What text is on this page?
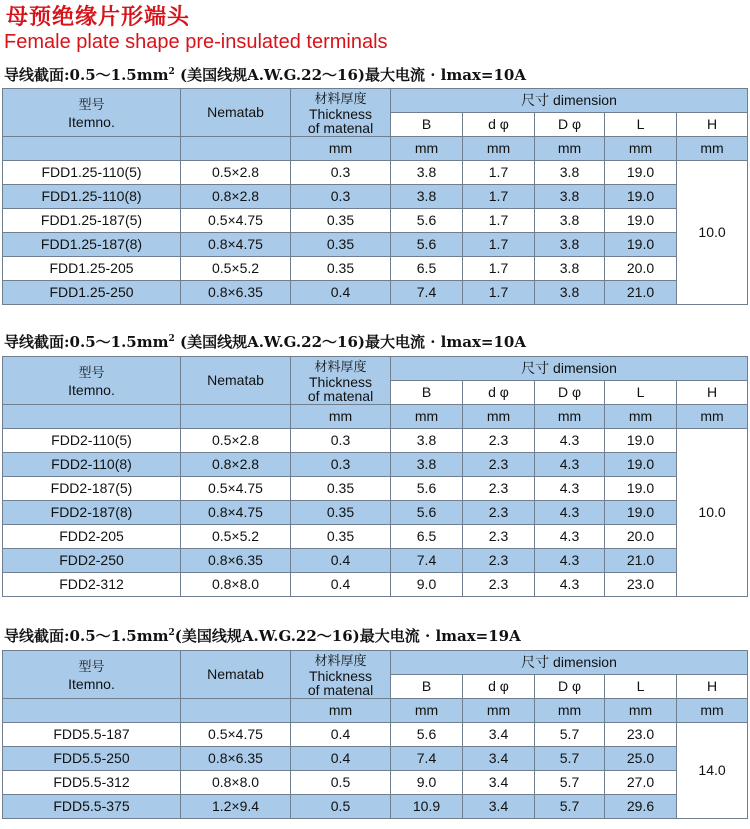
母预绝缘片形端头
Female plate shape pre-insulated terminals
导线截面$:0.5\sim 1.5mm^2$ (美国线规A.W.G.22～16)最大电流 · lmax=10A
型号
Itemno.	Nematab	材料厚度
Thickness
of matenal	尺寸 dimension				
			B	d φ	D φ	L	H
		mm	mm	mm	mm	mm	mm
FDD1.25-110(5)	0.5×2.8	0.3	3.8	1.7	3.8	19.0	10.0
FDD1.25-110(8)	0.8×2.8	0.3	3.8	1.7	3.8	19.0	
FDD1.25-187(5)	0.5×4.75	0.35	5.6	1.7	3.8	19.0	
FDD1.25-187(8)	0.8×4.75	0.35	5.6	1.7	3.8	19.0	
FDD1.25-205	0.5×5.2	0.35	6.5	1.7	3.8	20.0	
FDD1.25-250	0.8×6.35	0.4	7.4	1.7	3.8	21.0	
导线截面$:0.5\sim 1.5mm^2$ (美国线规A.W.G.22～16)最大电流 · lmax=10A
型号
Itemno.	Nematab	材料厚度
Thickness
of matenal	尺寸 dimension				
			B	d φ	D φ	L	H
		mm	mm	mm	mm	mm	mm
FDD2-110(5)	0.5×2.8	0.3	3.8	2.3	4.3	19.0	10.0
FDD2-110(8)	0.8×2.8	0.3	3.8	2.3	4.3	19.0	
FDD2-187(5)	0.5×4.75	0.35	5.6	2.3	4.3	19.0	
FDD2-187(8)	0.8×4.75	0.35	5.6	2.3	4.3	19.0	
FDD2-205	0.5×5.2	0.35	6.5	2.3	4.3	20.0	
FDD2-250	0.8×6.35	0.4	7.4	2.3	4.3	21.0	
FDD2-312	0.8×8.0	0.4	9.0	2.3	4.3	23.0	
导线截面$:0.5\sim 1.5mm^2$(美国线规A.W.G.22～16)最大电流 · lmax=19A
型号
Itemno.	Nematab	材料厚度
Thickness
of matenal	尺寸 dimension				
			B	d φ	D φ	L	H
		mm	mm	mm	mm	mm	mm
FDD5.5-187	0.5×4.75	0.4	5.6	3.4	5.7	23.0	14.0
FDD5.5-250	0.8×6.35	0.4	7.4	3.4	5.7	25.0	
FDD5.5-312	0.8×8.0	0.5	9.0	3.4	5.7	27.0	
FDD5.5-375	1.2×9.4	0.5	10.9	3.4	5.7	29.6	
